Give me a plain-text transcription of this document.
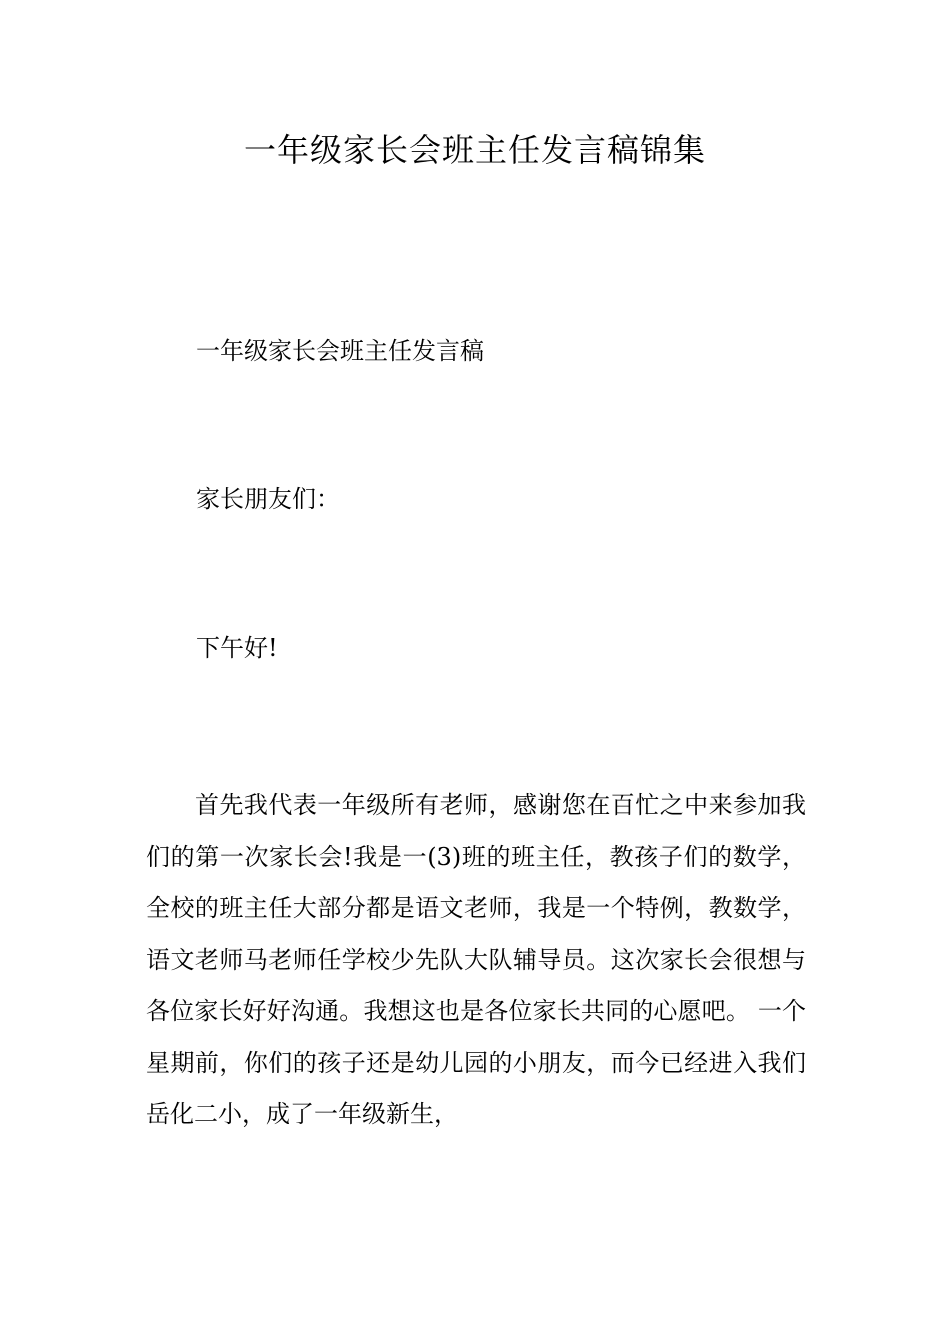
一年级家长会班主任发言稿锦集

一年级家长会班主任发言稿

家长朋友们：

下午好!

首先我代表一年级所有老师，感谢您在百忙之中来参加我们的第一次家长会!我是一(3)班的班主任，教孩子们的数学，全校的班主任大部分都是语文老师，我是一个特例，教数学，语文老师马老师任学校少先队大队辅导员。这次家长会很想与各位家长好好沟通。我想这也是各位家长共同的心愿吧。 一个星期前，你们的孩子还是幼儿园的小朋友，而今已经进入我们岳化二小，成了一年级新生，
